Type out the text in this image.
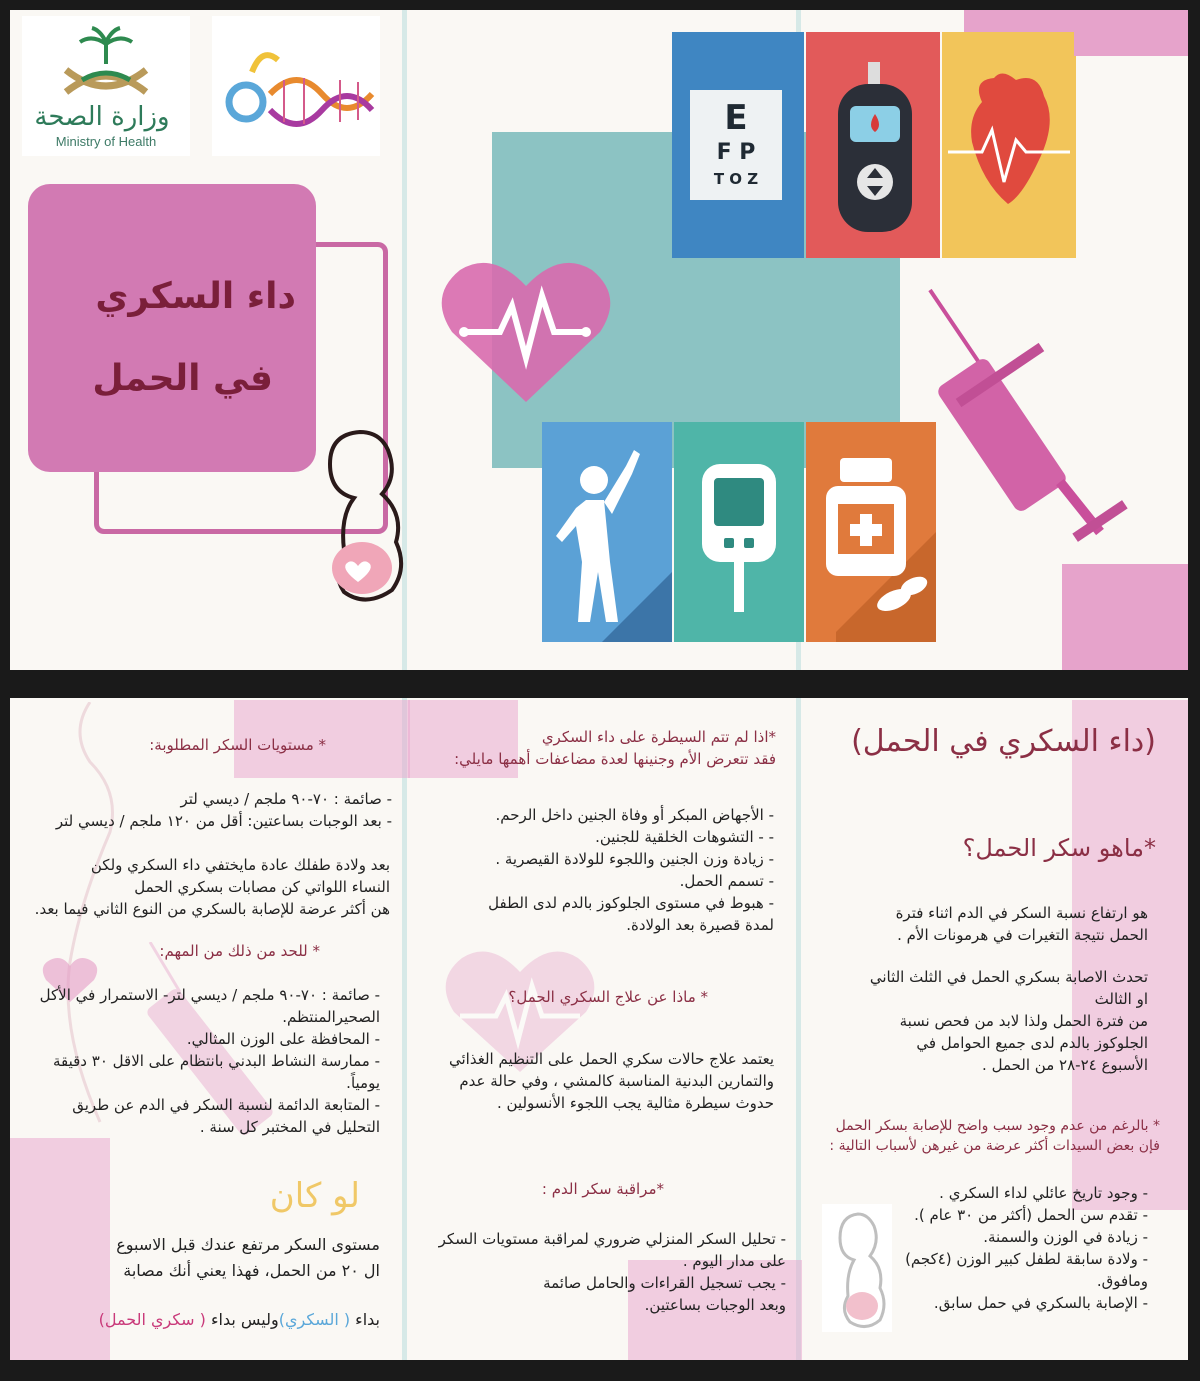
وزارة الصحة
Ministry of Health
داء السكري
في الحمل
E
F P
T O Z
(داء السكري في الحمل)
*ماهو سكر الحمل؟
هو ارتفاع نسبة السكر في الدم اثناء فترة
الحمل نتيجة التغيرات في هرمونات الأم .
تحدث الاصابة بسكري الحمل في الثلث الثاني
او الثالث
من فترة الحمل ولذا لابد من فحص نسبة
الجلوكوز بالدم لدى جميع الحوامل في
الأسبوع ٢٤-٢٨ من الحمل .
* بالرغم من عدم وجود سبب واضح للإصابة بسكر الحمل
فإن بعض السيدات أكثر عرضة من غيرهن لأسباب التالية :
- وجود تاريخ عائلي لداء السكري .
- تقدم سن الحمل (أكثر من ٣٠ عام ).
- زيادة في الوزن والسمنة.
- ولادة سابقة لطفل كبير الوزن (٤كجم)
ومافوق.
- الإصابة بالسكري في حمل سابق.
*اذا لم تتم السيطرة على داء السكري
فقد تتعرض الأم وجنينها لعدة مضاعفات أهمها مايلي:
- الأجهاض المبكر أو وفاة الجنين داخل الرحم.
- - التشوهات الخلقية للجنين.
- زيادة وزن الجنين واللجوء للولادة القيصرية .
- تسمم الحمل.
- هبوط في مستوى الجلوكوز بالدم لدى الطفل
لمدة قصيرة بعد الولادة.
* ماذا عن علاج السكري الحمل؟
يعتمد علاج حالات سكري الحمل على التنظيم الغذائي
والتمارين البدنية المناسبة كالمشي ، وفي حالة عدم
حدوث سيطرة مثالية يجب اللجوء الأنسولين .
*مراقبة سكر الدم :
- تحليل السكر المنزلي ضروري لمراقبة مستويات السكر
على مدار اليوم .
- يجب تسجيل القراءات والحامل صائمة
وبعد الوجبات بساعتين.
* مستويات السكر المطلوبة:
- صائمة : ٧٠-٩٠ ملجم / ديسي لتر
- بعد الوجبات بساعتين: أقل من ١٢٠ ملجم / ديسي لتر
بعد ولادة طفلك عادة مايختفي داء السكري ولكن
النساء اللواتي كن مصابات بسكري الحمل
هن أكثر عرضة للإصابة بالسكري من النوع الثاني فيما بعد.
* للحد من ذلك من المهم:
- صائمة : ٧٠-٩٠ ملجم / ديسي لتر- الاستمرار في الأكل
الصحيرالمنتظم.
- المحافظة على الوزن المثالي.
- ممارسة النشاط البدني بانتظام على الاقل ٣٠ دقيقة
يومياً.
- المتابعة الدائمة لنسبة السكر في الدم عن طريق
التحليل في المختبر كل سنة .
لو كان
مستوى السكر مرتفع عندك قبل الاسبوع
ال ٢٠ من الحمل، فهذا يعني أنك مصابة

بداء ( السكري)وليس بداء ( سكري الحمل)
